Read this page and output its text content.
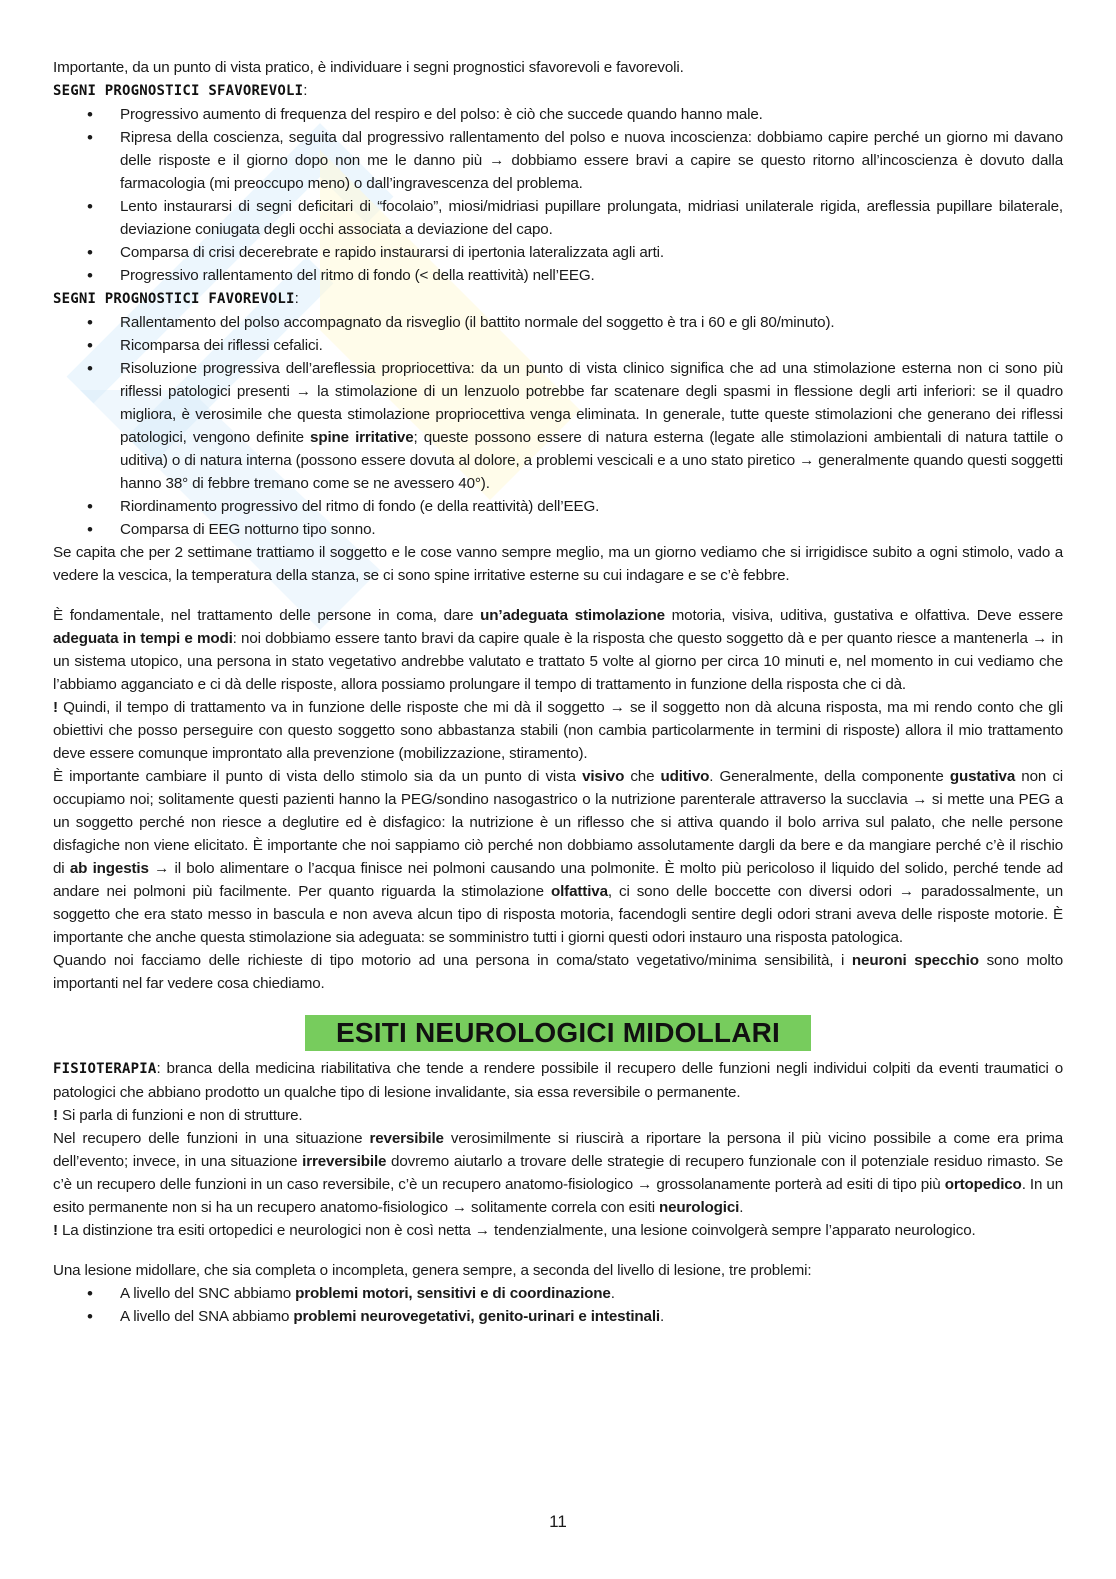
Importante, da un punto di vista pratico, è individuare i segni prognostici sfavorevoli e favorevoli.

SEGNI PROGNOSTICI SFAVOREVOLI:
• Progressivo aumento di frequenza del respiro e del polso: è ciò che succede quando hanno male.
• Ripresa della coscienza, seguita dal progressivo rallentamento del polso e nuova incoscienza: dobbiamo capire perché un giorno mi davano delle risposte e il giorno dopo non me le danno più → dobbiamo essere bravi a capire se questo ritorno all’incoscienza è dovuto dalla farmacologia (mi preoccupo meno) o dall’ingravescenza del problema.
• Lento instaurarsi di segni deficitari di “focolaio”, miosi/midriasi pupillare prolungata, midriasi unilaterale rigida, areflessia pupillare bilaterale, deviazione coniugata degli occhi associata a deviazione del capo.
• Comparsa di crisi decerebrate e rapido instaurarsi di ipertonia lateralizzata agli arti.
• Progressivo rallentamento del ritmo di fondo (< della reattività) nell’EEG.
SEGNI PROGNOSTICI FAVOREVOLI:
• Rallentamento del polso accompagnato da risveglio (il battito normale del soggetto è tra i 60 e gli 80/minuto).
• Ricomparsa dei riflessi cefalici.
• Risoluzione progressiva dell’areflessia propriocettiva: da un punto di vista clinico significa che ad una stimolazione esterna non ci sono più riflessi patologici presenti → la stimolazione di un lenzuolo potrebbe far scatenare degli spasmi in flessione degli arti inferiori: se il quadro migliora, è verosimile che questa stimolazione propriocettiva venga eliminata. In generale, tutte queste stimolazioni che generano dei riflessi patologici, vengono definite spine irritative; queste possono essere di natura esterna (legate alle stimolazioni ambientali di natura tattile o uditiva) o di natura interna (possono essere dovuta al dolore, a problemi vescicali e a uno stato piretico → generalmente quando questi soggetti hanno 38° di febbre tremano come se ne avessero 40°).
• Riordinamento progressivo del ritmo di fondo (e della reattività) dell’EEG.
• Comparsa di EEG notturno tipo sonno.

Se capita che per 2 settimane trattiamo il soggetto e le cose vanno sempre meglio, ma un giorno vediamo che si irrigidisce subito a ogni stimolo, vado a vedere la vescica, la temperatura della stanza, se ci sono spine irritative esterne su cui indagare e se c’è febbre.

È fondamentale, nel trattamento delle persone in coma, dare un’adeguata stimolazione motoria, visiva, uditiva, gustativa e olfattiva. Deve essere adeguata in tempi e modi: noi dobbiamo essere tanto bravi da capire quale è la risposta che questo soggetto dà e per quanto riesce a mantenerla → in un sistema utopico, una persona in stato vegetativo andrebbe valutato e trattato 5 volte al giorno per circa 10 minuti e, nel momento in cui vediamo che l’abbiamo agganciato e ci dà delle risposte, allora possiamo prolungare il tempo di trattamento in funzione della risposta che ci dà.

! Quindi, il tempo di trattamento va in funzione delle risposte che mi dà il soggetto → se il soggetto non dà alcuna risposta, ma mi rendo conto che gli obiettivi che posso perseguire con questo soggetto sono abbastanza stabili (non cambia particolarmente in termini di risposte) allora il mio trattamento deve essere comunque improntato alla prevenzione (mobilizzazione, stiramento).

È importante cambiare il punto di vista dello stimolo sia da un punto di vista visivo che uditivo. Generalmente, della componente gustativa non ci occupiamo noi; solitamente questi pazienti hanno la PEG/sondino nasogastrico o la nutrizione parenterale attraverso la succlavia → si mette una PEG a un soggetto perché non riesce a deglutire ed è disfagico: la nutrizione è un riflesso che si attiva quando il bolo arriva sul palato, che nelle persone disfagiche non viene elicitato. È importante che noi sappiamo ciò perché non dobbiamo assolutamente dargli da bere e da mangiare perché c’è il rischio di ab ingestis → il bolo alimentare o l’acqua finisce nei polmoni causando una polmonite. È molto più pericoloso il liquido del solido, perché tende ad andare nei polmoni più facilmente. Per quanto riguarda la stimolazione olfattiva, ci sono delle boccette con diversi odori → paradossalmente, un soggetto che era stato messo in bascula e non aveva alcun tipo di risposta motoria, facendogli sentire degli odori strani aveva delle risposte motorie. È importante che anche questa stimolazione sia adeguata: se somministro tutti i giorni questi odori instauro una risposta patologica.

Quando noi facciamo delle richieste di tipo motorio ad una persona in coma/stato vegetativo/minima sensibilità, i neuroni specchio sono molto importanti nel far vedere cosa chiediamo.

ESITI NEUROLOGICI MIDOLLARI

FISIOTERAPIA: branca della medicina riabilitativa che tende a rendere possibile il recupero delle funzioni negli individui colpiti da eventi traumatici o patologici che abbiano prodotto un qualche tipo di lesione invalidante, sia essa reversibile o permanente.

! Si parla di funzioni e non di strutture.

Nel recupero delle funzioni in una situazione reversibile verosimilmente si riuscirà a riportare la persona il più vicino possibile a come era prima dell’evento; invece, in una situazione irreversibile dovremo aiutarlo a trovare delle strategie di recupero funzionale con il potenziale residuo rimasto. Se c’è un recupero delle funzioni in un caso reversibile, c’è un recupero anatomo-fisiologico → grossolanamente porterà ad esiti di tipo più ortopedico. In un esito permanente non si ha un recupero anatomo-fisiologico → solitamente correla con esiti neurologici.

! La distinzione tra esiti ortopedici e neurologici non è così netta → tendenzialmente, una lesione coinvolgerà sempre l’apparato neurologico.

Una lesione midollare, che sia completa o incompleta, genera sempre, a seconda del livello di lesione, tre problemi:

• A livello del SNC abbiamo problemi motori, sensitivi e di coordinazione.
• A livello del SNA abbiamo problemi neurovegetativi, genito-urinari e intestinali.
11
